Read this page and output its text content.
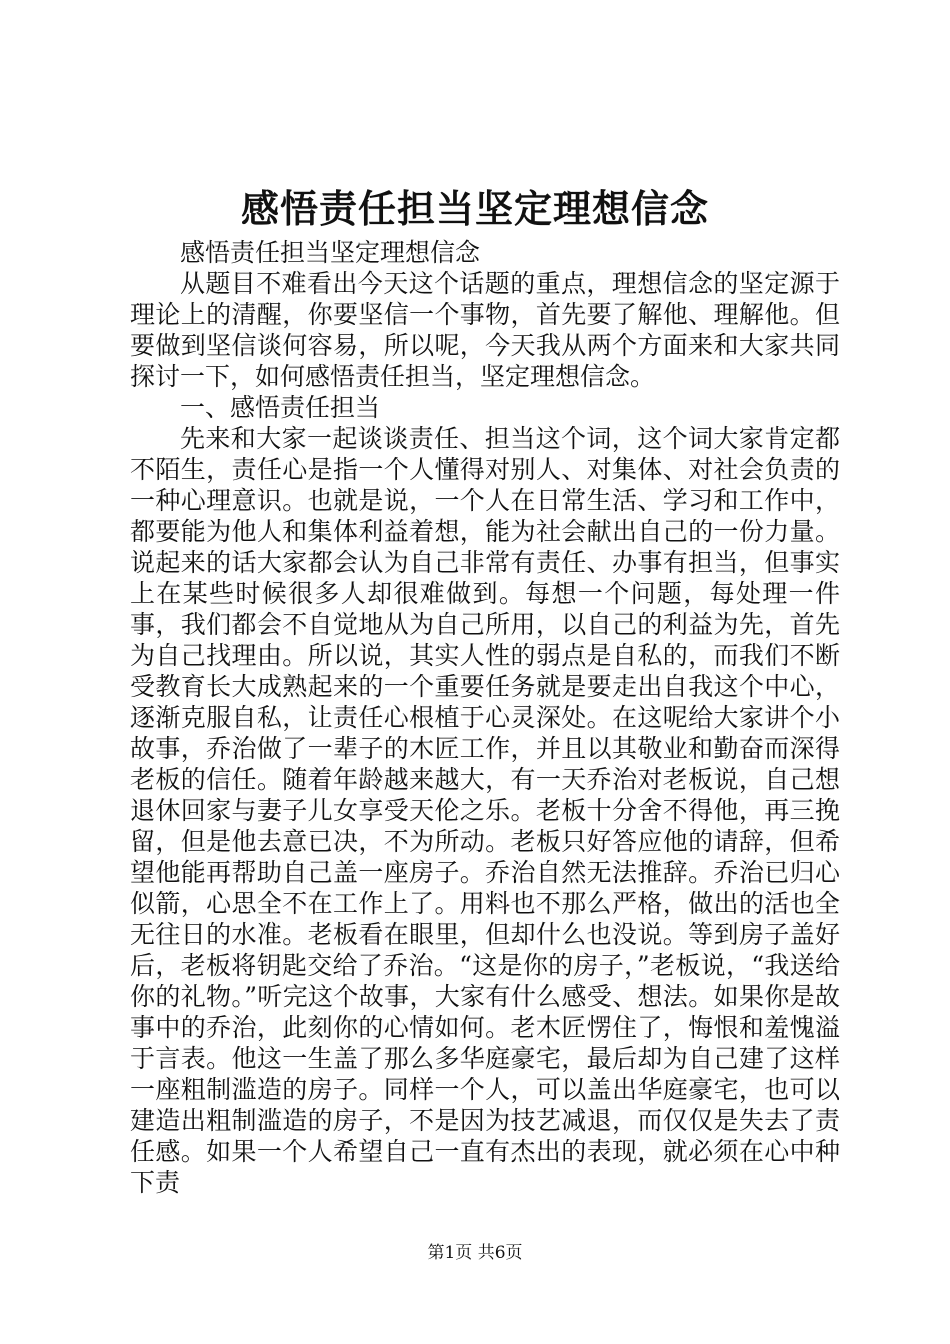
感悟责任担当坚定理想信念

感悟责任担当坚定理想信念

从题目不难看出今天这个话题的重点，理想信念的坚定源于理论上的清醒，你要坚信一个事物，首先要了解他、理解他。但要做到坚信谈何容易，所以呢，今天我从两个方面来和大家共同探讨一下，如何感悟责任担当，坚定理想信念。

一、感悟责任担当

先来和大家一起谈谈责任、担当这个词，这个词大家肯定都不陌生，责任心是指一个人懂得对别人、对集体、对社会负责的一种心理意识。也就是说，一个人在日常生活、学习和工作中，都要能为他人和集体利益着想，能为社会献出自己的一份力量。说起来的话大家都会认为自己非常有责任、办事有担当，但事实上在某些时候很多人却很难做到。每想一个问题，每处理一件事，我们都会不自觉地从为自己所用，以自己的利益为先，首先为自己找理由。所以说，其实人性的弱点是自私的，而我们不断受教育长大成熟起来的一个重要任务就是要走出自我这个中心，逐渐克服自私，让责任心根植于心灵深处。在这呢给大家讲个小故事，乔治做了一辈子的木匠工作，并且以其敬业和勤奋而深得老板的信任。随着年龄越来越大，有一天乔治对老板说，自己想退休回家与妻子儿女享受天伦之乐。老板十分舍不得他，再三挽留，但是他去意已决，不为所动。老板只好答应他的请辞，但希望他能再帮助自己盖一座房子。乔治自然无法推辞。乔治已归心似箭，心思全不在工作上了。用料也不那么严格，做出的活也全无往日的水准。老板看在眼里，但却什么也没说。等到房子盖好后，老板将钥匙交给了乔治。“这是你的房子，”老板说，“我送给你的礼物。”听完这个故事，大家有什么感受、想法。如果你是故事中的乔治，此刻你的心情如何。老木匠愣住了，悔恨和羞愧溢于言表。他这一生盖了那么多华庭豪宅，最后却为自己建了这样一座粗制滥造的房子。同样一个人，可以盖出华庭豪宅，也可以建造出粗制滥造的房子，不是因为技艺减退，而仅仅是失去了责任感。如果一个人希望自己一直有杰出的表现，就必须在心中种下责

第1页 共6页
